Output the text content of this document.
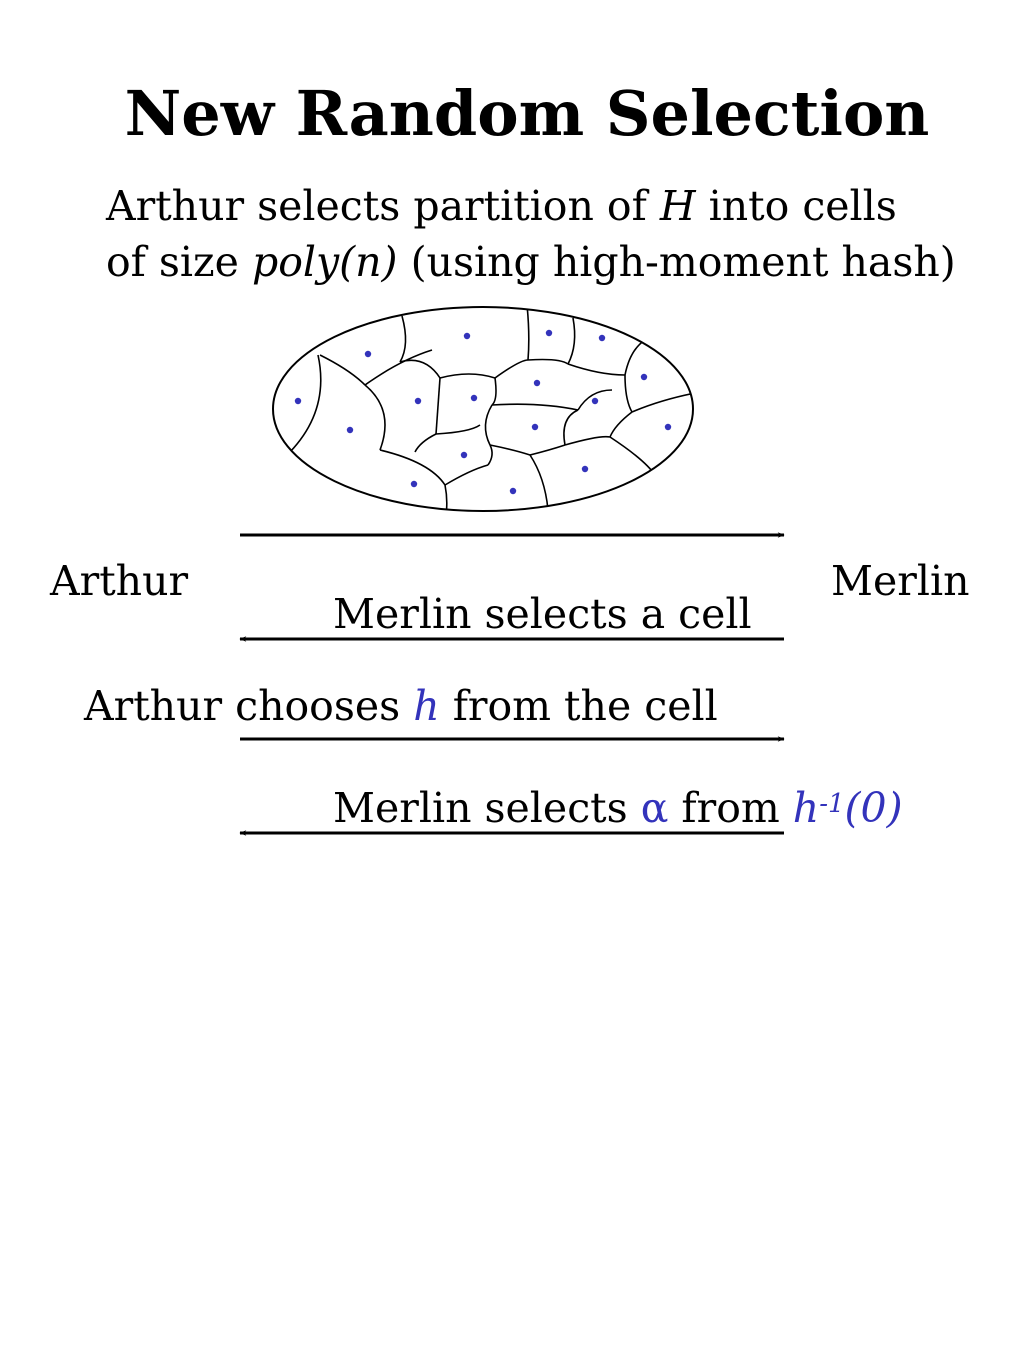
New Random Selection
Arthur selects partition of H into cells
of size poly(n) (using high-moment hash)
Arthur	Merlin
Merlin selects a cell
Arthur chooses h from the cell
Merlin selects α from $h^{-1}(0)$
